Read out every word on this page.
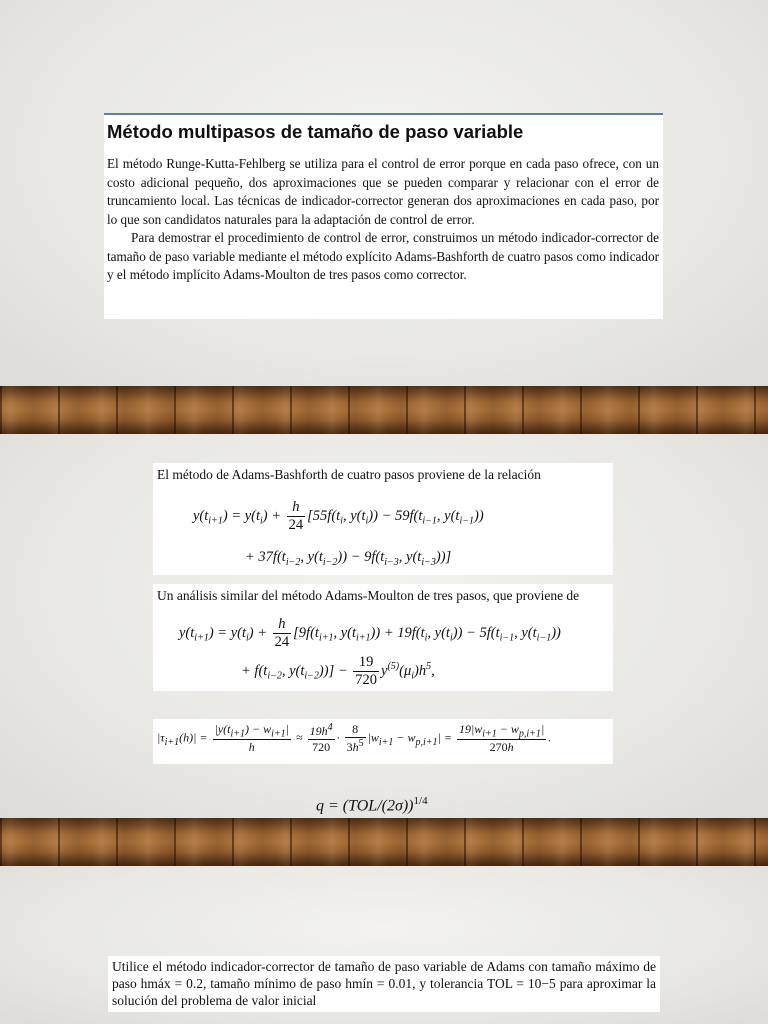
Método multipasos de tamaño de paso variable

El método Runge-Kutta-Fehlberg se utiliza para el control de error porque en cada paso ofrece, con un costo adicional pequeño, dos aproximaciones que se pueden comparar y relacionar con el error de truncamiento local. Las técnicas de indicador-corrector generan dos aproximaciones en cada paso, por lo que son candidatos naturales para la adaptación de control de error.

Para demostrar el procedimiento de control de error, construimos un método indicador-corrector de tamaño de paso variable mediante el método explícito Adams-Bashforth de cuatro pasos como indicador y el método implícito Adams-Moulton de tres pasos como corrector.

El método de Adams-Bashforth de cuatro pasos proviene de la relación
$y(t_{i+1}) = y(t_i) + \frac{h}{24} [55f(t_i$, $y(t_i)) - 59f(t_{i-1}$, $y(t_{i-1})$)
+ $37f(t_{i-2}$, $y(t_{i-2})) - 9f(t_{i-3}$, $y(t_{i-3})$)]
Un análisis similar del método Adams-Moulton de tres pasos, que proviene de
$y(t_{i+1}) = y(t_i) + \frac{h}{24} [9f(t_{i+1}$, $y(t_{i+1})) + 19f(t_i$, $y(t_i)) - 5f(t_{i-1}$, $y(t_{i-1})$)
+ $f(t_{i-2}$, $y(t_{i-2}))] - \frac{19}{720} y^{(5)}(\mu_i)h^5$,
$|\tau_{i+1}(h)| = \frac{|y(t_{i+1}) - w_{i+1}|}{h} \approx \frac{19h^4}{720} \cdot \frac{8}{3h^5} |w_{i+1} - w_{p,i+1}| = \frac{19|w_{i+1} - w_{p,i+1}|}{270h}$ .
$q = (TOL/(2\sigma))^{1/4}$

Utilice el método indicador-corrector de tamaño de paso variable de Adams con tamaño máximo de paso hmáx = 0.2, tamaño mínimo de paso hmín = 0.01, y tolerancia TOL = 10−5 para aproximar la solución del problema de valor inicial
